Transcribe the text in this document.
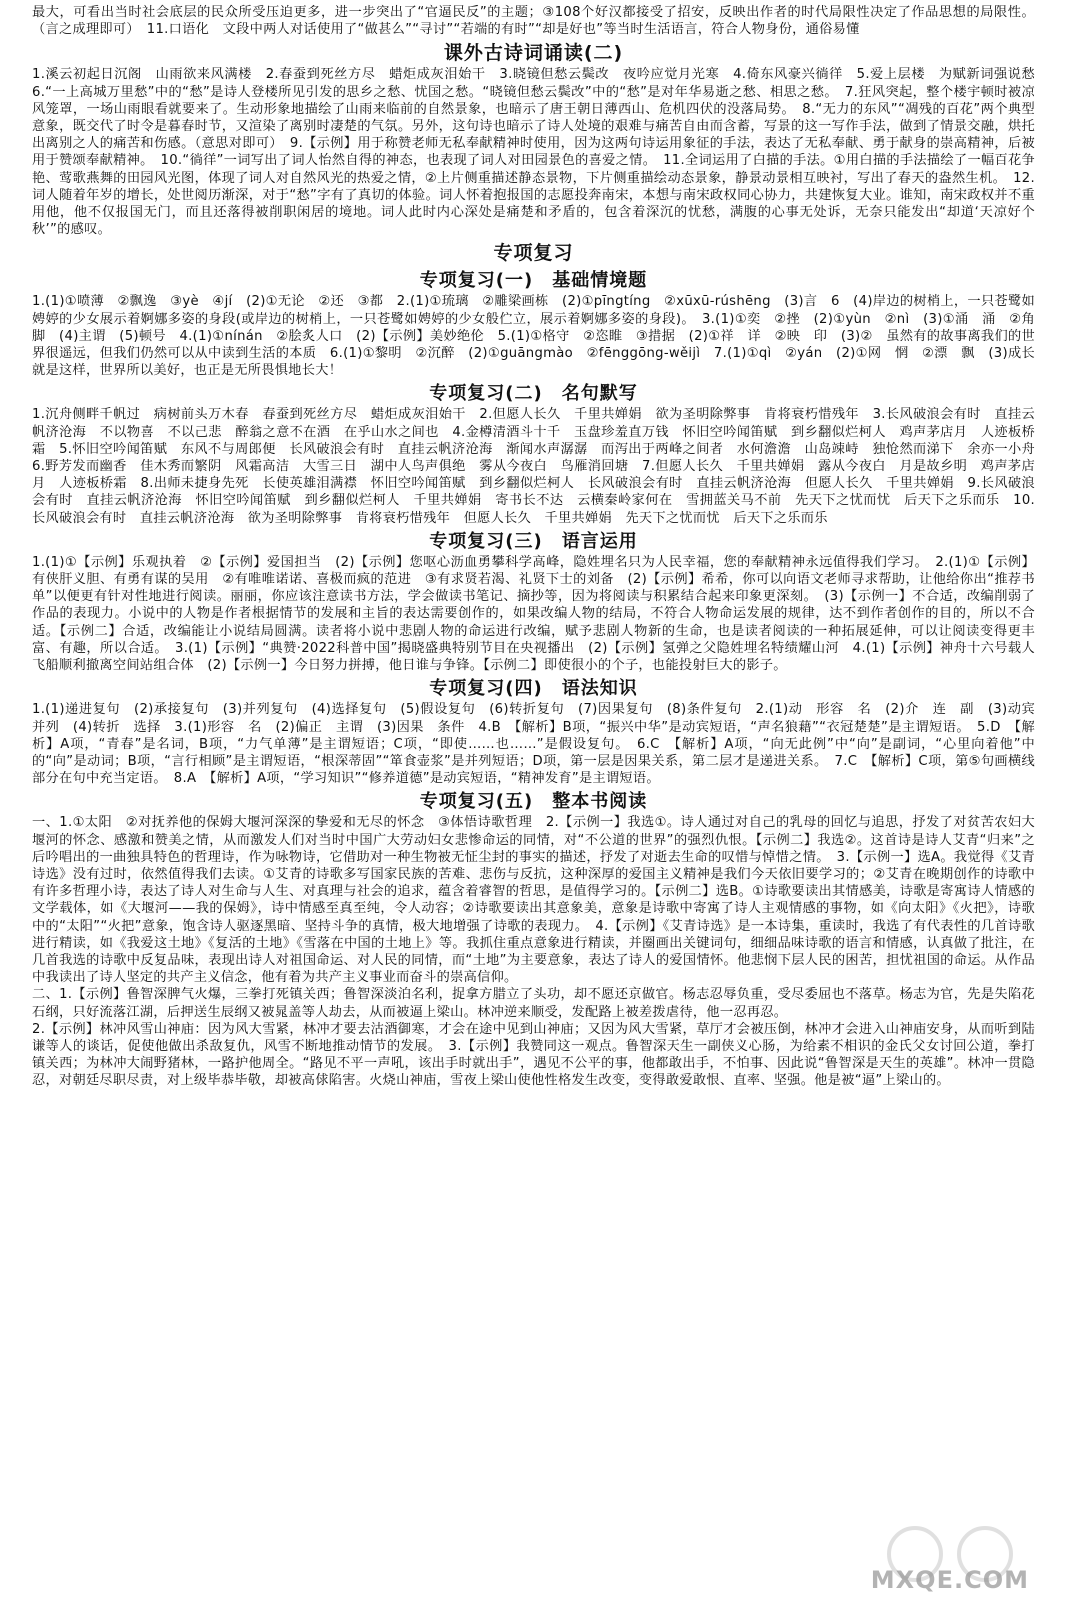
最大，可看出当时社会底层的民众所受压迫更多，进一步突出了“官逼民反”的主题；③108个好汉都接受了招安，反映出作者的时代局限性决定了作品思想的局限性。（言之成理即可）　11.口语化　文段中两人对话使用了“做甚么”“寻讨”“若端的有时”“却是好也”等当时生活语言，符合人物身份，通俗易懂

课外古诗词诵读(二)

1.溪云初起日沉阁　山雨欲来风满楼　2.春蚕到死丝方尽　蜡炬成灰泪始干　3.晓镜但愁云鬓改　夜吟应觉月光寒　4.倚东风豪兴徜徉　5.爱上层楼　为赋新词强说愁　6.“一上高城万里愁”中的“愁”是诗人登楼所见引发的思乡之愁、忧国之愁。“晓镜但愁云鬓改”中的“愁”是对年华易逝之愁、相思之愁。　7.狂风突起，整个楼宇顿时被凉风笼罩，一场山雨眼看就要来了。生动形象地描绘了山雨来临前的自然景象，也暗示了唐王朝日薄西山、危机四伏的没落局势。　8.“无力的东风”“凋残的百花”两个典型意象，既交代了时令是暮春时节，又渲染了离别时凄楚的气氛。另外，这句诗也暗示了诗人处境的艰难与痛苦自由而含蓄，写景的这一写作手法，做到了情景交融，烘托出离别之人的痛苦和伤感。（意思对即可）　9.【示例】用于称赞老师无私奉献精神时使用，因为这两句诗运用象征的手法，表达了无私奉献、勇于献身的崇高精神，后被用于赞颂奉献精神。　10.“徜徉”一词写出了词人怡然自得的神态，也表现了词人对田园景色的喜爱之情。　11.全词运用了白描的手法。①用白描的手法描绘了一幅百花争艳、莺歌燕舞的田园风光图，体现了词人对自然风光的热爱之情，②上片侧重描述静态景物，下片侧重描绘动态景象，静景动景相互映衬，写出了春天的盎然生机。　12.词人随着年岁的增长，处世阅历渐深，对于“愁”字有了真切的体验。词人怀着抱报国的志愿投奔南宋，本想与南宋政权同心协力，共建恢复大业。谁知，南宋政权并不重用他，他不仅报国无门，而且还落得被削职闲居的境地。词人此时内心深处是痛楚和矛盾的，包含着深沉的忧愁，满腹的心事无处诉，无奈只能发出“却道‘天凉好个秋’”的感叹。

专项复习
专项复习(一)　基础情境题

1.(1)①喷薄　②飘逸　③yè　④jí　(2)①无论　②还　③都　2.(1)①琉璃　②雕梁画栋　(2)①pīngtíng　②xūxū-rúshēng　(3)言　6　(4)岸边的树梢上，一只苍鹭如娉婷的少女展示着婀娜多姿的身段(或岸边的树梢上，一只苍鹭如娉婷的少女般伫立，展示着婀娜多姿的身段)。　3.(1)①奕　②挫　(2)①yùn　②nì　(3)①涌　涌　②角　脚　(4)主谓　(5)顿号　4.(1)①nínán　②脍炙人口　(2)【示例】美妙绝伦　5.(1)①格守　②恣睢　③措据　(2)①祥　详　②映　印　(3)②　虽然有的故事离我们的世界很遥远，但我们仍然可以从中读到生活的本质　6.(1)①黎明　②沉醉　(2)①guāngmào　②fēnggōng-wěijì　7.(1)①qì　②yán　(2)①网　惘　②漂　飘　(3)成长就是这样，世界所以美好，也正是无所畏惧地长大！

专项复习(二)　名句默写

1.沉舟侧畔千帆过　病树前头万木春　春蚕到死丝方尽　蜡炬成灰泪始干　2.但愿人长久　千里共婵娟　欲为圣明除弊事　肯将衰朽惜残年　3.长风破浪会有时　直挂云帆济沧海　不以物喜　不以己悲　醉翁之意不在酒　在乎山水之间也　4.金樽清酒斗十千　玉盘珍羞直万钱　怀旧空吟闻笛赋　到乡翻似烂柯人　鸡声茅店月　人迹板桥霜　5.怀旧空吟闻笛赋　东风不与周郎便　长风破浪会有时　直挂云帆济沧海　渐闻水声潺潺　而泻出于两峰之间者　水何澹澹　山岛竦峙　独怆然而涕下　余亦一小舟　6.野芳发而幽香　佳木秀而繁阴　风霜高洁　大雪三日　湖中人鸟声俱绝　雾从今夜白　鸟雁消回塘　7.但愿人长久　千里共婵娟　露从今夜白　月是故乡明　鸡声茅店月　人迹板桥霜　8.出师未捷身先死　长使英雄泪满襟　怀旧空吟闻笛赋　到乡翻似烂柯人　长风破浪会有时　直挂云帆济沧海　但愿人长久　千里共婵娟　9.长风破浪会有时　直挂云帆济沧海　怀旧空吟闻笛赋　到乡翻似烂柯人　千里共婵娟　寄书长不达　云横秦岭家何在　雪拥蓝关马不前　先天下之忧而忧　后天下之乐而乐　10.长风破浪会有时　直挂云帆济沧海　欲为圣明除弊事　肯将衰朽惜残年　但愿人长久　千里共婵娟　先天下之忧而忧　后天下之乐而乐

专项复习(三)　语言运用

1.(1)①【示例】乐观执着　②【示例】爱国担当　(2)【示例】您呕心沥血勇攀科学高峰，隐姓埋名只为人民幸福，您的奉献精神永远值得我们学习。　2.(1)①【示例】有侠肝义胆、有勇有谋的吴用　②有唯唯诺诺、喜极而疯的范进　③有求贤若渴、礼贤下士的刘备　(2)【示例】希希，你可以向语文老师寻求帮助，让他给你出“推荐书单”以便更有针对性地进行阅读。丽丽，你应该注意读书方法，学会做读书笔记、摘抄等，因为将阅读与积累结合起来印象更深刻。　(3)【示例一】不合适，改编削弱了作品的表现力。小说中的人物是作者根据情节的发展和主旨的表达需要创作的，如果改编人物的结局，不符合人物命运发展的规律，达不到作者创作的目的，所以不合适。【示例二】合适，改编能让小说结局圆满。读者将小说中悲剧人物的命运进行改编，赋予悲剧人物新的生命，也是读者阅读的一种拓展延伸，可以让阅读变得更丰富、有趣，所以合适。　3.(1)【示例】“典赞·2022科普中国”揭晓盛典特别节目在央视播出　(2)【示例】氢弹之父隐姓埋名特绩耀山河　4.(1)【示例】神舟十六号载人飞船顺利撤离空间站组合体　(2)【示例一】今日努力拼搏，他日谁与争锋。【示例二】即使很小的个子，也能投射巨大的影子。

专项复习(四)　语法知识

1.(1)递进复句　(2)承接复句　(3)并列复句　(4)选择复句　(5)假设复句　(6)转折复句　(7)因果复句　(8)条件复句　2.(1)动　形容　名　(2)介　连　副　(3)动宾　并列　(4)转折　选择　3.(1)形容　名　(2)偏正　主谓　(3)因果　条件　4.B　【解析】B项，“振兴中华”是动宾短语，“声名狼藉”“衣冠楚楚”是主谓短语。　5.D　【解析】A项，“青春”是名词，B项，“力气单薄”是主谓短语；C项，“即使……也……”是假设复句。　6.C　【解析】A项，“向无此例”中“向”是副词，“心里向着他”中的“向”是动词；B项，“言行相顾”是主谓短语，“根深蒂固”“箪食壶浆”是并列短语；D项，第一层是因果关系，第二层才是递进关系。　7.C　【解析】C项，第⑤句画横线部分在句中充当定语。　8.A　【解析】A项，“学习知识”“修养道德”是动宾短语，“精神发育”是主谓短语。

专项复习(五)　整本书阅读

一、1.①太阳　②对抚养他的保姆大堰河深深的挚爱和无尽的怀念　③体悟诗歌哲理　2.【示例一】我选①。诗人通过对自己的乳母的回忆与追思，抒发了对贫苦农妇大堰河的怀念、感激和赞美之情，从而激发人们对当时中国广大劳动妇女悲惨命运的同情，对“不公道的世界”的强烈仇恨。【示例二】我选②。这首诗是诗人艾青“归来”之后吟唱出的一曲独具特色的哲理诗，作为咏物诗，它借助对一种生物被无怔尘封的事实的描述，抒发了对逝去生命的叹惜与悼惜之情。　3.【示例一】选A。我觉得《艾青诗选》没有过时，依然值得我们去读。①艾青的诗歌多写国家民族的苦难、悲伤与反抗，这种深厚的爱国主义精神是我们今天依旧要学习的；②艾青在晚期创作的诗歌中有许多哲理小诗，表达了诗人对生命与人生、对真理与社会的追求，蕴含着睿智的哲思，是值得学习的。【示例二】选B。①诗歌要读出其情感美，诗歌是寄寓诗人情感的文学载体，如《大堰河——我的保姆》，诗中情感至真至纯，令人动容；②诗歌要读出其意象美，意象是诗歌中寄寓了诗人主观情感的事物，如《向太阳》《火把》，诗歌中的“太阳”“火把”意象，饱含诗人驱逐黑暗、坚持斗争的真情，极大地增强了诗歌的表现力。　4.【示例】《艾青诗选》是一本诗集，重读时，我选了有代表性的几首诗歌进行精读，如《我爱这土地》《复活的土地》《雪落在中国的土地上》等。我抓住重点意象进行精读，并圈画出关键词句，细细品味诗歌的语言和情感，认真做了批注，在几首我选的诗歌中反复品味，表现出诗人对祖国命运、对人民的同情，而“土地”为主要意象，表达了诗人的爱国情怀。他悲悯下层人民的困苦，担忧祖国的命运。从作品中我读出了诗人坚定的共产主义信念，他有着为共产主义事业而奋斗的崇高信仰。

二、1.【示例】鲁智深脾气火爆，三拳打死镇关西；鲁智深淡泊名利，捉拿方腊立了头功，却不愿还京做官。杨志忍辱负重，受尽委屈也不落草。杨志为官，先是失陷花石纲，只好流落江湖，后押送生辰纲又被晁盖等人劫去，从而被逼上梁山。林冲逆来顺受，发配路上被差拨虐待，他一忍再忍。

2.【示例】林冲风雪山神庙：因为风大雪紧，林冲才要去沽酒御寒，才会在途中见到山神庙；又因为风大雪紧，草厅才会被压倒，林冲才会进入山神庙安身，从而听到陆谦等人的谈话，促使他做出杀敌复仇，风雪不断地推动情节的发展。　3.【示例】我赞同这一观点。鲁智深天生一副侠义心肠，为给素不相识的金氏父女讨回公道，拳打镇关西；为林冲大闹野猪林，一路护他周全。“路见不平一声吼，该出手时就出手”，遇见不公平的事，他都敢出手，不怕事、因此说“鲁智深是天生的英雄”。林冲一贯隐忍，对朝廷尽职尽责，对上级毕恭毕敬，却被高俅陷害。火烧山神庙，雪夜上梁山使他性格发生改变，变得敢爱敢恨、直率、坚强。他是被“逼”上梁山的。

MXQE.COM
